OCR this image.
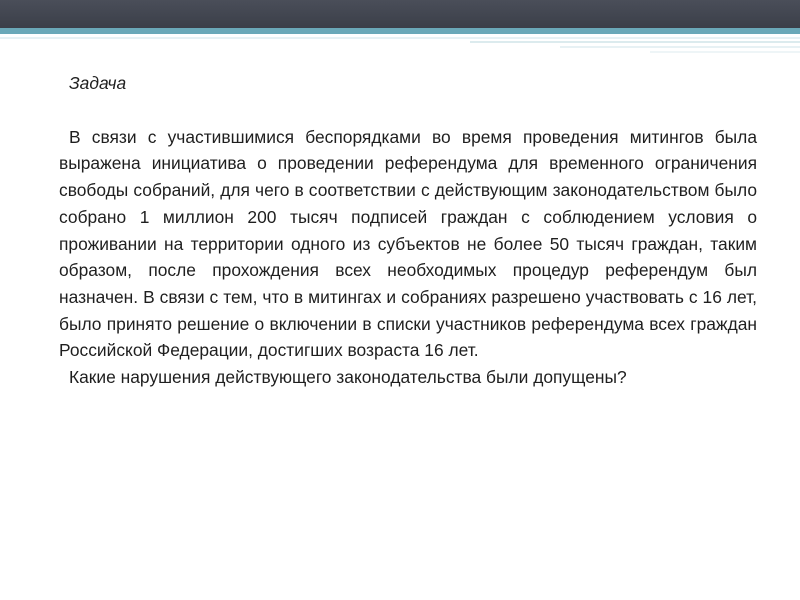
Задача

В связи с участившимися беспорядками во время проведения митингов была выражена инициатива о проведении референдума для временного ограничения свободы собраний, для чего в соответствии с действующим законодательством было собрано 1 миллион 200 тысяч подписей граждан с соблюдением условия о проживании на территории одного из субъектов не более 50 тысяч граждан, таким образом, после прохождения всех необходимых процедур референдум был назначен. В связи с тем, что в митингах и собраниях разрешено участвовать с 16 лет, было принято решение о включении в списки участников референдума всех граждан Российской Федерации, достигших возраста 16 лет.

Какие нарушения действующего законодательства были допущены?
